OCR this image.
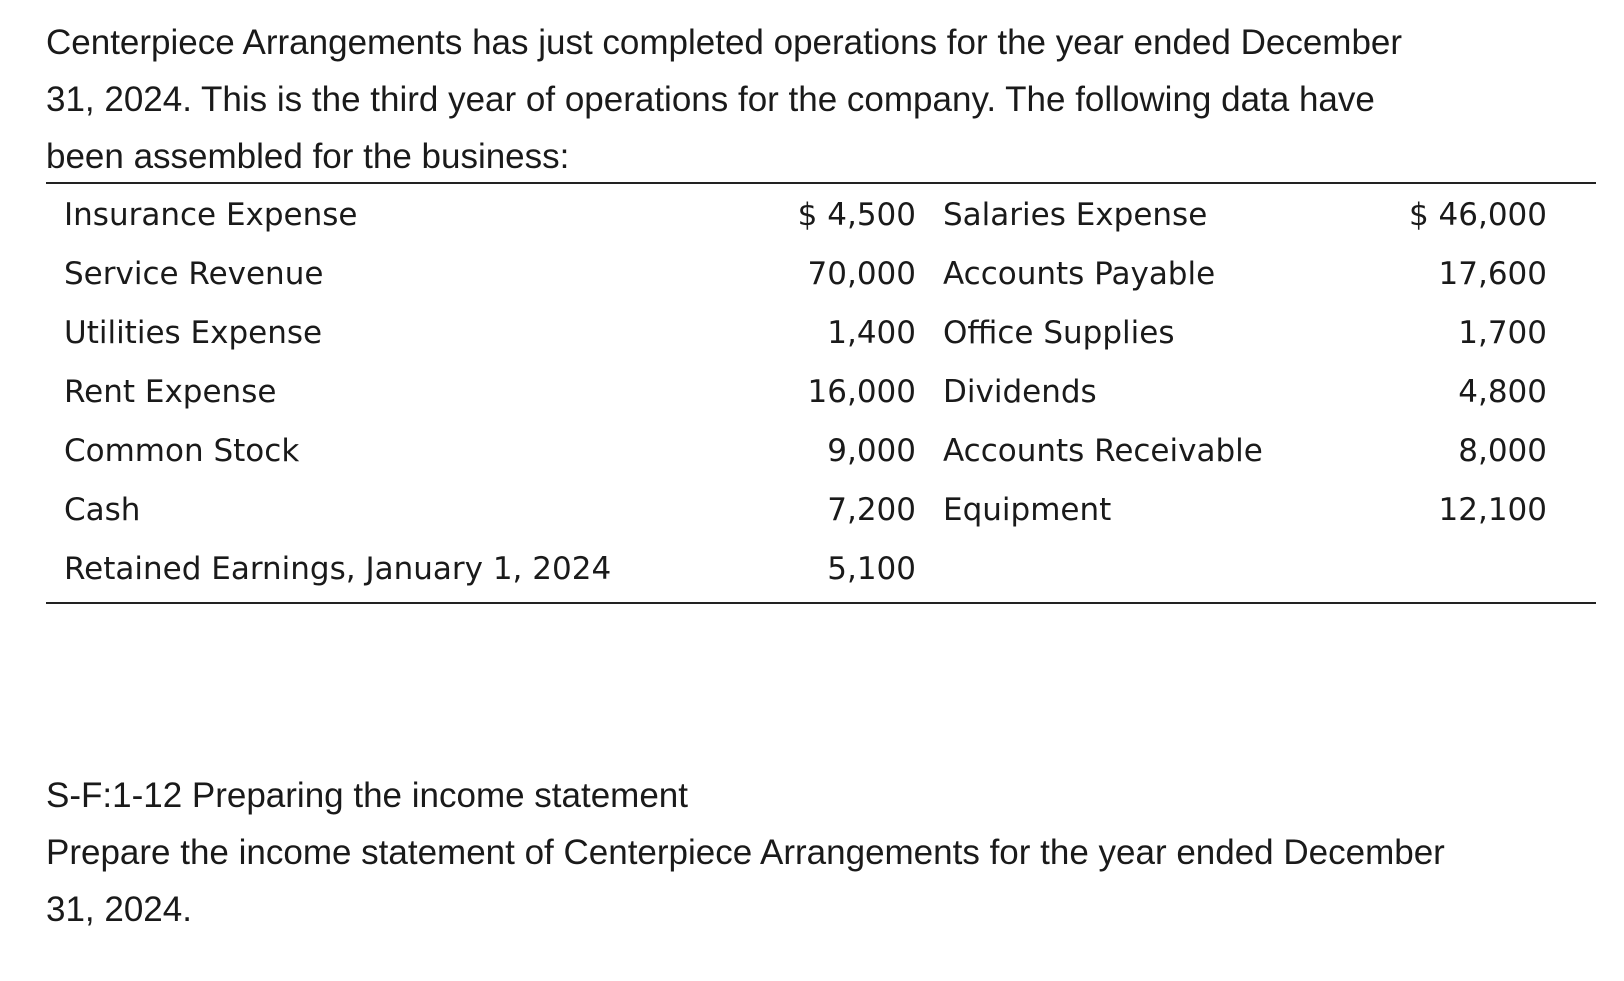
Centerpiece Arrangements has just completed operations for the year ended December
31, 2024. This is the third year of operations for the company. The following data have
been assembled for the business:
Insurance Expense	$ 4,500 Salaries Expense	$ 46,000
Service Revenue	70,000 Accounts Payable	17,600
Utilities Expense	1,400 Office Supplies	1,700
Rent Expense	16,000 Dividends	4,800
Common Stock	9,000 Accounts Receivable	8,000
Cash	7,200 Equipment	12,100
Retained Earnings, January 1, 2024	5,100
S-F:1-12 Preparing the income statement
Prepare the income statement of Centerpiece Arrangements for the year ended December
31, 2024.
